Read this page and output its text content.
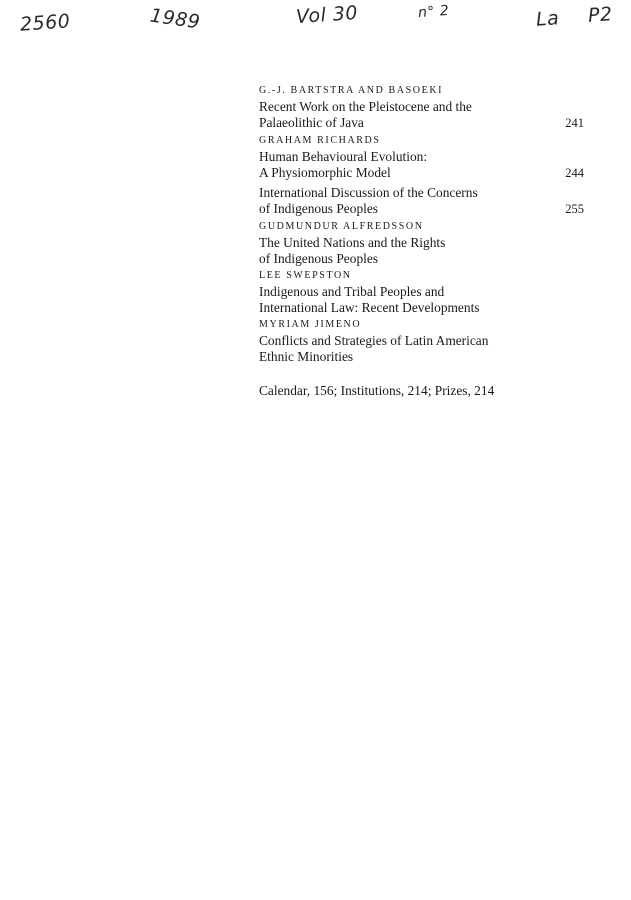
2560	1989	Vol 30	n° 2	La P2
G.-J. BARTSTRA AND BASOEKI
Recent Work on the Pleistocene and the
Palaeolithic of Java	241
GRAHAM RICHARDS
Human Behavioural Evolution:
A Physiomorphic Model	244
International Discussion of the Concerns
of Indigenous Peoples	255
GUDMUNDUR ALFREDSSON
The United Nations and the Rights
of Indigenous Peoples
LEE SWEPSTON
Indigenous and Tribal Peoples and
International Law: Recent Developments
MYRIAM JIMENO
Conflicts and Strategies of Latin American
Ethnic Minorities
Calendar, 156; Institutions, 214; Prizes, 214
